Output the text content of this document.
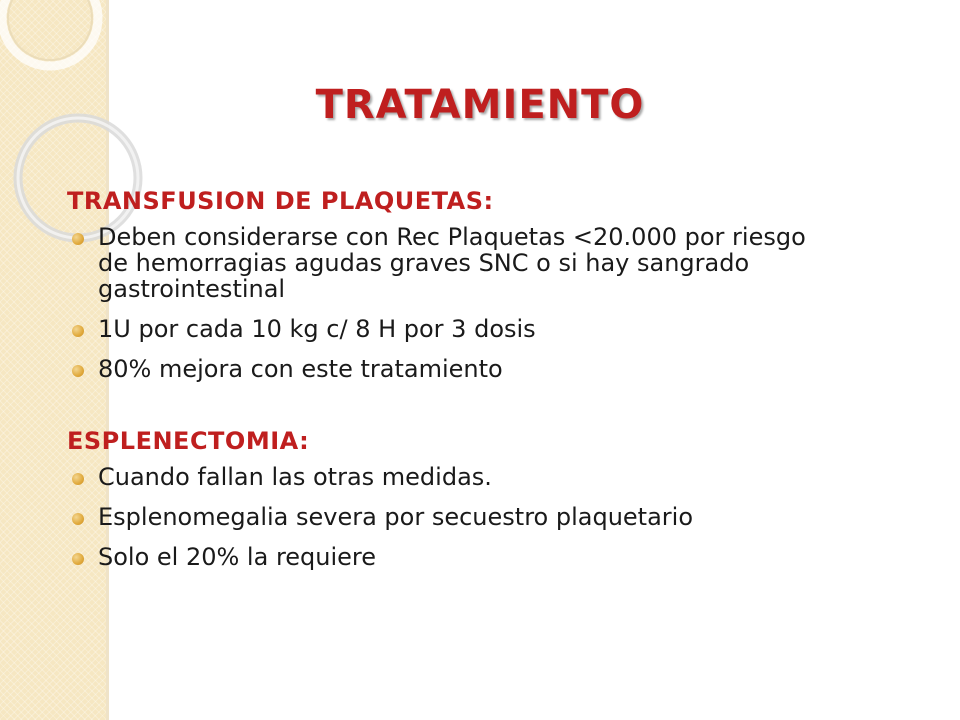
TRATAMIENTO
TRANSFUSION DE PLAQUETAS:
Deben considerarse con Rec Plaquetas <20.000 por riesgo de hemorragias agudas graves SNC o si hay sangrado gastrointestinal
1U por cada 10 kg c/ 8 H por 3 dosis
80% mejora con este tratamiento
ESPLENECTOMIA:
Cuando fallan las otras medidas.
Esplenomegalia severa por secuestro plaquetario
Solo el 20% la requiere
